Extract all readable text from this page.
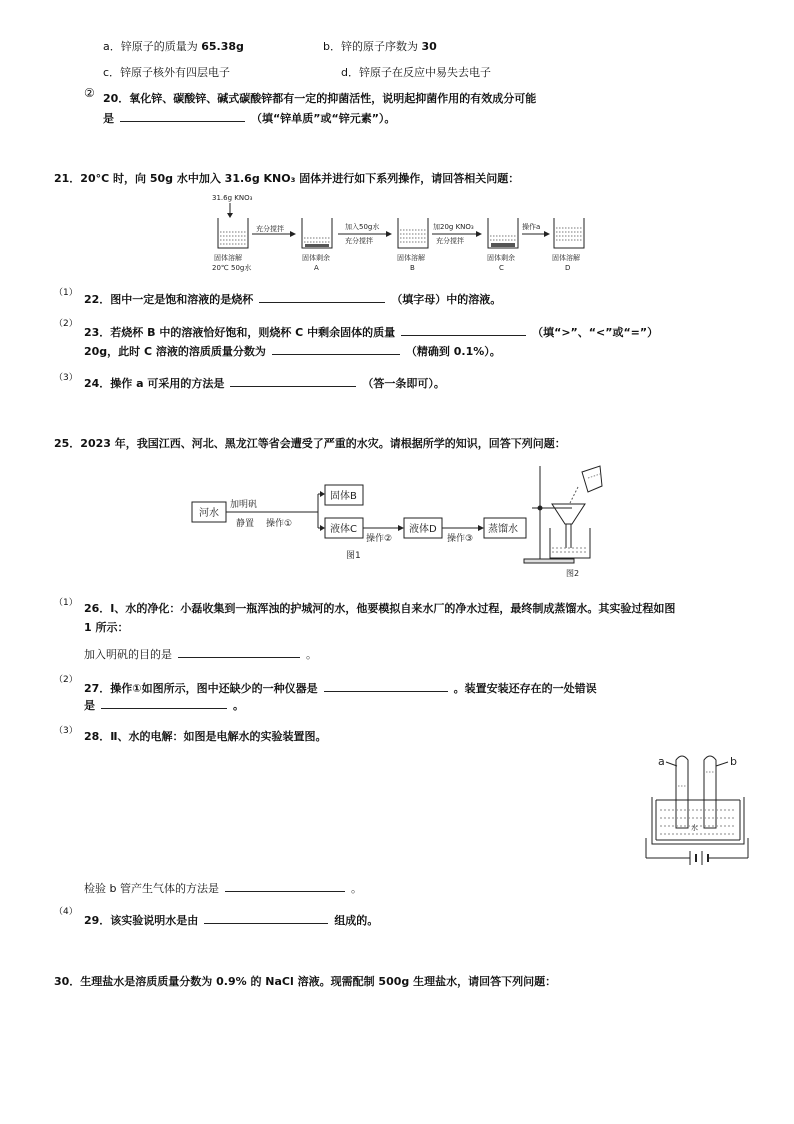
a．锌原子的质量为 65.38g	b．锌的原子序数为 30
c．锌原子核外有四层电子	d．锌原子在反应中易失去电子
② 20．氧化锌、碳酸锌、碱式碳酸锌都有一定的抑菌活性，说明起抑菌作用的有效成分可能
是	（填“锌单质”或“锌元素”）。
21．20°C 时，向 50g 水中加入 31.6g KNO₃ 固体并进行如下系列操作，请回答相关问题：
31.6g KNO₃
固体溶解
20℃ 50g水
充分搅拌
固体剩余
A
加入50g水
充分搅拌
固体溶解
B
加20g KNO₃
充分搅拌
固体剩余
C
操作a
固体溶解
D
（1） 22．图中一定是饱和溶液的是烧杯	（填字母）中的溶液。
（2）
23．若烧杯 B 中的溶液恰好饱和，则烧杯 C 中剩余固体的质量	（填“>”、“<”或“=”）
20g，此时 C 溶液的溶质质量分数为	（精确到 0.1%）。
（3） 24．操作 a 可采用的方法是	（答一条即可）。
25．2023 年，我国江西、河北、黑龙江等省会遭受了严重的水灾。请根据所学的知识，回答下列问题：
河水
加明矾
静置 操作①
固体B
液体C
操作②
液体D
操作③
蒸馏水
图1
图2
（1） 26．Ⅰ、水的净化：小磊收集到一瓶浑浊的护城河的水，他要模拟自来水厂的净水过程，最终制成蒸馏水。其实验过程如图
1 所示：
加入明矾的目的是	。
（2）
27．操作①如图所示，图中还缺少的一种仪器是	。装置安装还存在的一处错误
是	。
（3） 28．Ⅱ、水的电解：如图是电解水的实验装置图。
a	b
水
检验 b 管产生气体的方法是	。
（4）
29．该实验说明水是由	组成的。
30．生理盐水是溶质质量分数为 0.9% 的 NaCl 溶液。现需配制 500g 生理盐水，请回答下列问题：
